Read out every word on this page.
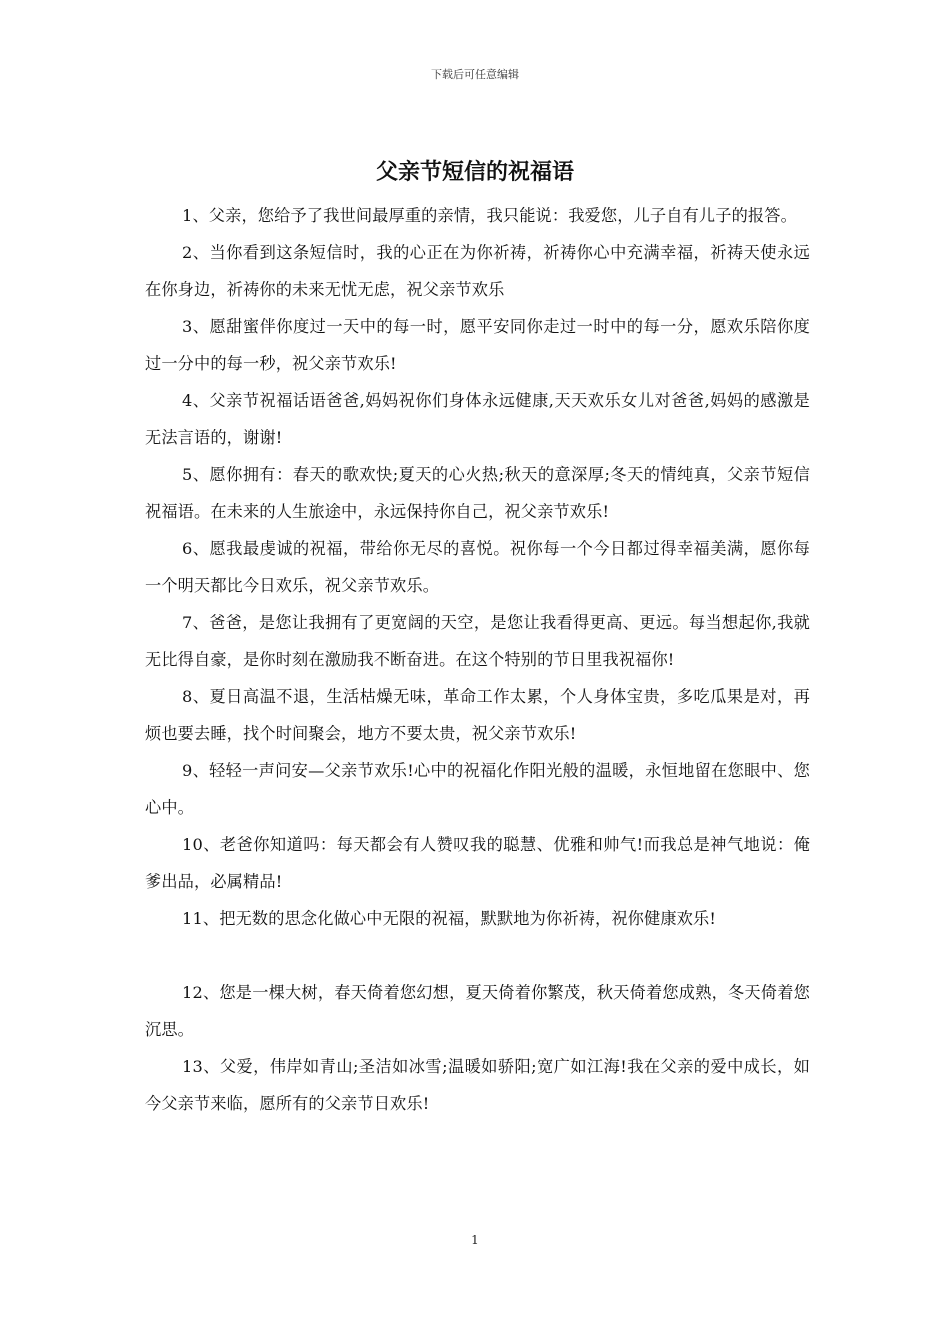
下载后可任意编辑
父亲节短信的祝福语

1、父亲，您给予了我世间最厚重的亲情，我只能说：我爱您，儿子自有儿子的报答。

2、当你看到这条短信时，我的心正在为你祈祷，祈祷你心中充满幸福，祈祷天使永远在你身边，祈祷你的未来无忧无虑，祝父亲节欢乐

3、愿甜蜜伴你度过一天中的每一时，愿平安同你走过一时中的每一分，愿欢乐陪你度过一分中的每一秒，祝父亲节欢乐!

4、父亲节祝福话语爸爸,妈妈祝你们身体永远健康,天天欢乐女儿对爸爸,妈妈的感激是无法言语的，谢谢!

5、愿你拥有：春天的歌欢快;夏天的心火热;秋天的意深厚;冬天的情纯真，父亲节短信祝福语。在未来的人生旅途中，永远保持你自己，祝父亲节欢乐!

6、愿我最虔诚的祝福，带给你无尽的喜悦。祝你每一个今日都过得幸福美满，愿你每一个明天都比今日欢乐，祝父亲节欢乐。

7、爸爸，是您让我拥有了更宽阔的天空，是您让我看得更高、更远。每当想起你,我就无比得自豪，是你时刻在激励我不断奋进。在这个特别的节日里我祝福你!

8、夏日高温不退，生活枯燥无味，革命工作太累，个人身体宝贵，多吃瓜果是对，再烦也要去睡，找个时间聚会，地方不要太贵，祝父亲节欢乐!

9、轻轻一声问安—父亲节欢乐!心中的祝福化作阳光般的温暖，永恒地留在您眼中、您心中。

10、老爸你知道吗：每天都会有人赞叹我的聪慧、优雅和帅气!而我总是神气地说：俺爹出品，必属精品!

11、把无数的思念化做心中无限的祝福，默默地为你祈祷，祝你健康欢乐!

12、您是一棵大树，春天倚着您幻想，夏天倚着你繁茂，秋天倚着您成熟，冬天倚着您沉思。

13、父爱，伟岸如青山;圣洁如冰雪;温暖如骄阳;宽广如江海!我在父亲的爱中成长，如今父亲节来临，愿所有的父亲节日欢乐!

1
